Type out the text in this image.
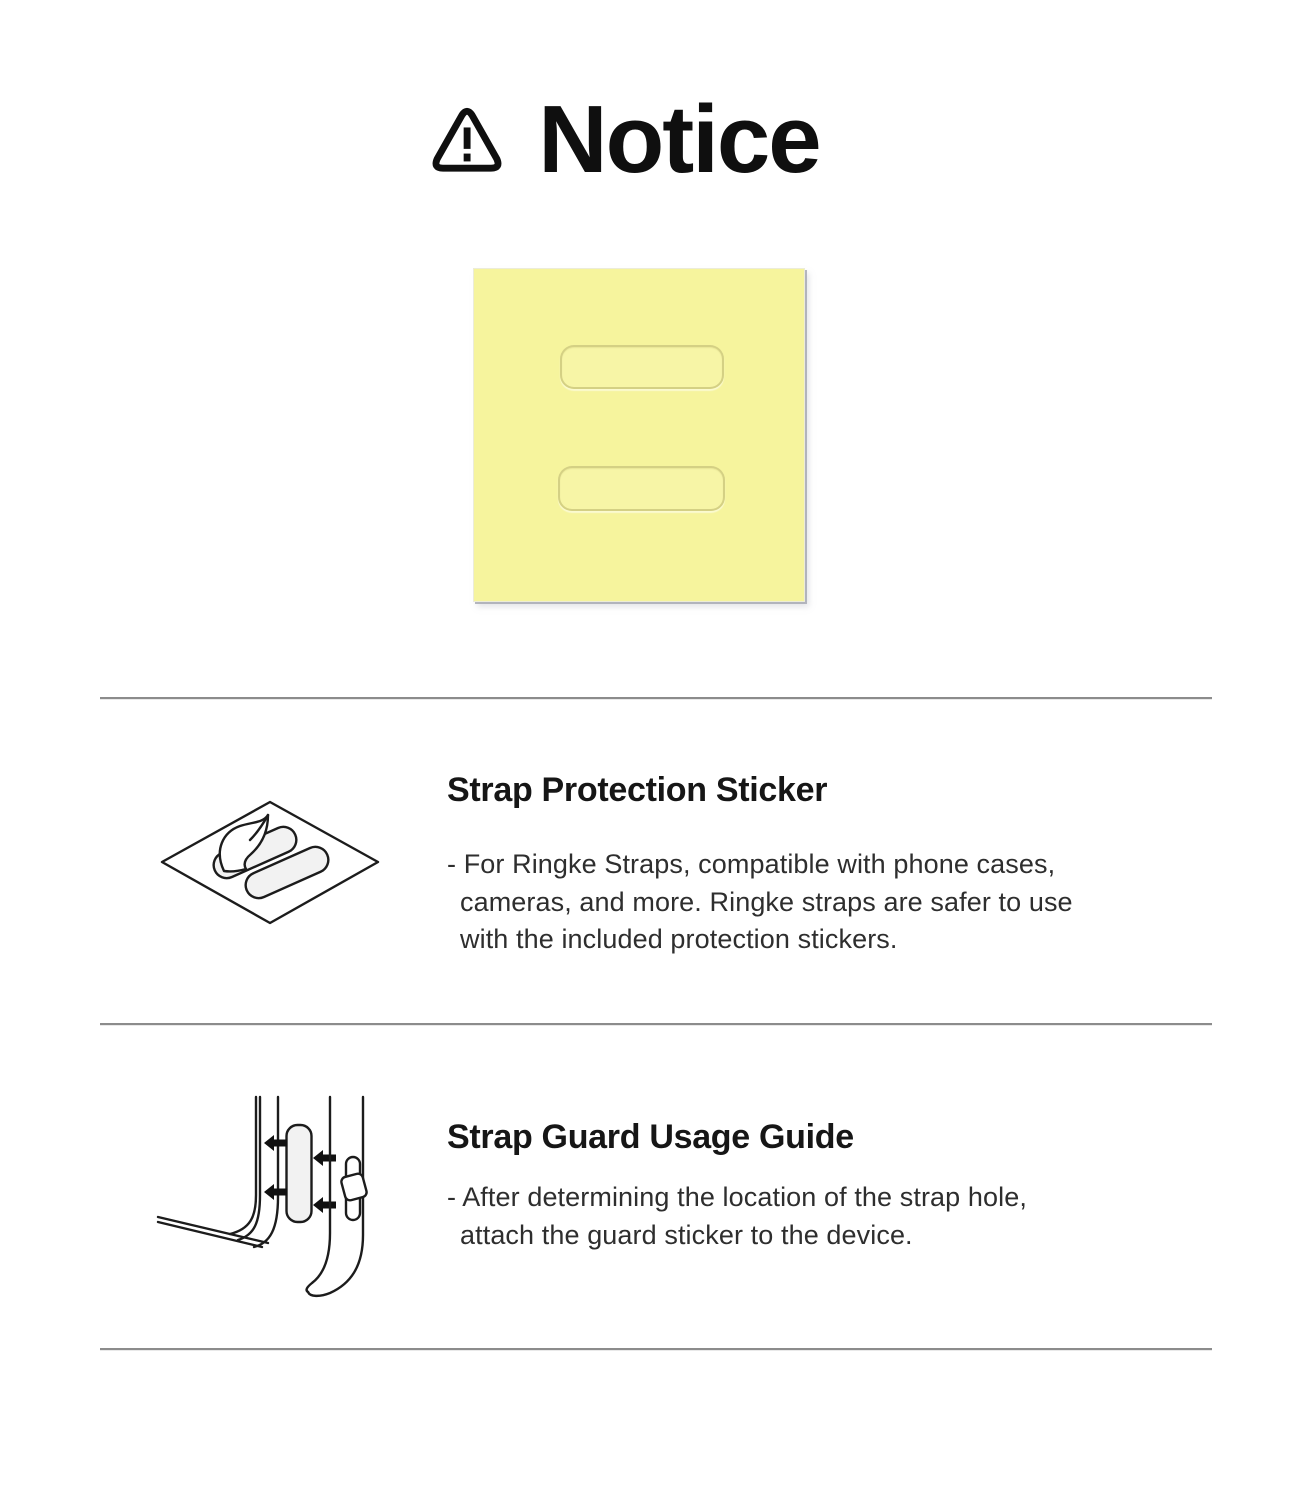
Notice
Strap Protection Sticker
- For Ringke Straps, compatible with phone cases,
cameras, and more. Ringke straps are safer to use
with the included protection stickers.
Strap Guard Usage Guide
- After determining the location of the strap hole,
attach the guard sticker to the device.
